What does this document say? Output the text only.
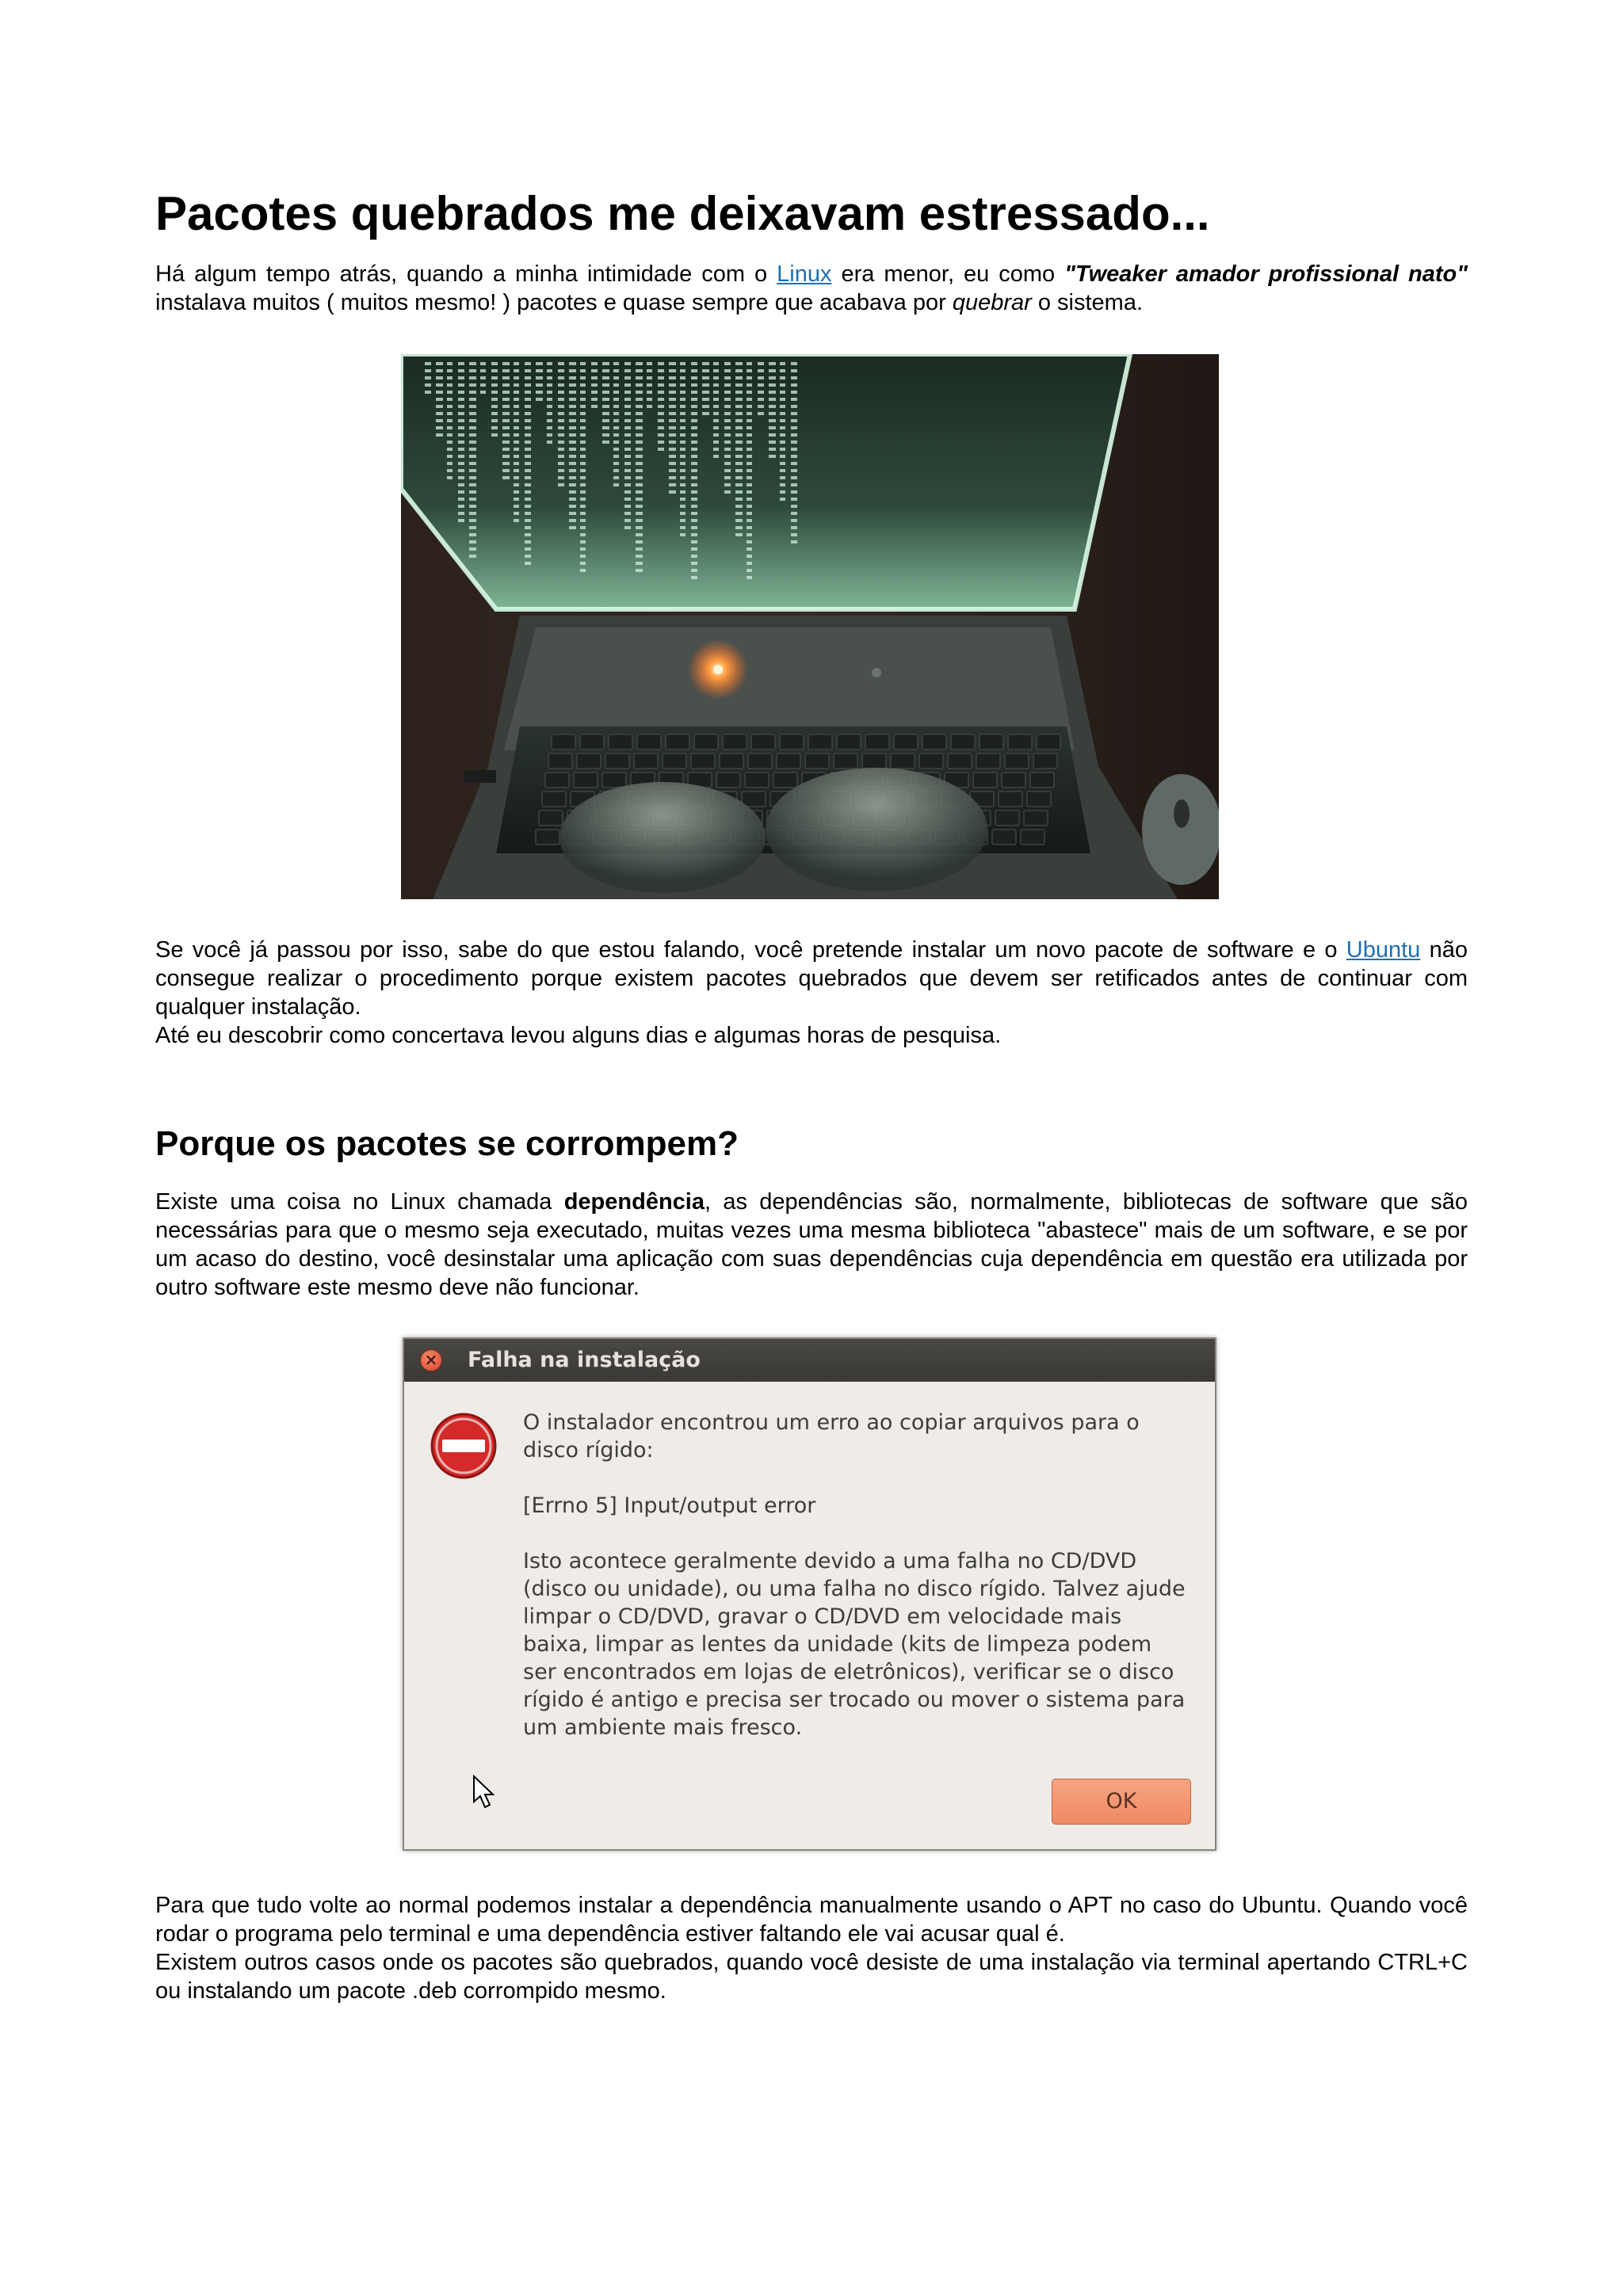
Pacotes quebrados me deixavam estressado...

Há algum tempo atrás, quando a minha intimidade com o Linux era menor, eu como "Tweaker amador profissional nato" instalava muitos ( muitos mesmo! ) pacotes e quase sempre que acabava por quebrar o sistema.

Se você já passou por isso, sabe do que estou falando, você pretende instalar um novo pacote de software e o Ubuntu não consegue realizar o procedimento porque existem pacotes quebrados que devem ser retificados antes de continuar com qualquer instalação.
Até eu descobrir como concertava levou alguns dias e algumas horas de pesquisa.

Porque os pacotes se corrompem?

Existe uma coisa no Linux chamada dependência, as dependências são, normalmente, bibliotecas de software que são necessárias para que o mesmo seja executado, muitas vezes uma mesma biblioteca "abastece" mais de um software, e se por um acaso do destino, você desinstalar uma aplicação com suas dependências cuja dependência em questão era utilizada por outro software este mesmo deve não funcionar.

× Falha na instalação

O instalador encontrou um erro ao copiar arquivos para o disco rígido:

[Errno 5] Input/output error

Isto acontece geralmente devido a uma falha no CD/DVD (disco ou unidade), ou uma falha no disco rígido. Talvez ajude limpar o CD/DVD, gravar o CD/DVD em velocidade mais baixa, limpar as lentes da unidade (kits de limpeza podem ser encontrados em lojas de eletrônicos), verificar se o disco rígido é antigo e precisa ser trocado ou mover o sistema para um ambiente mais fresco.

OK

Para que tudo volte ao normal podemos instalar a dependência manualmente usando o APT no caso do Ubuntu. Quando você rodar o programa pelo terminal e uma dependência estiver faltando ele vai acusar qual é.
Existem outros casos onde os pacotes são quebrados, quando você desiste de uma instalação via terminal apertando CTRL+C ou instalando um pacote .deb corrompido mesmo.
